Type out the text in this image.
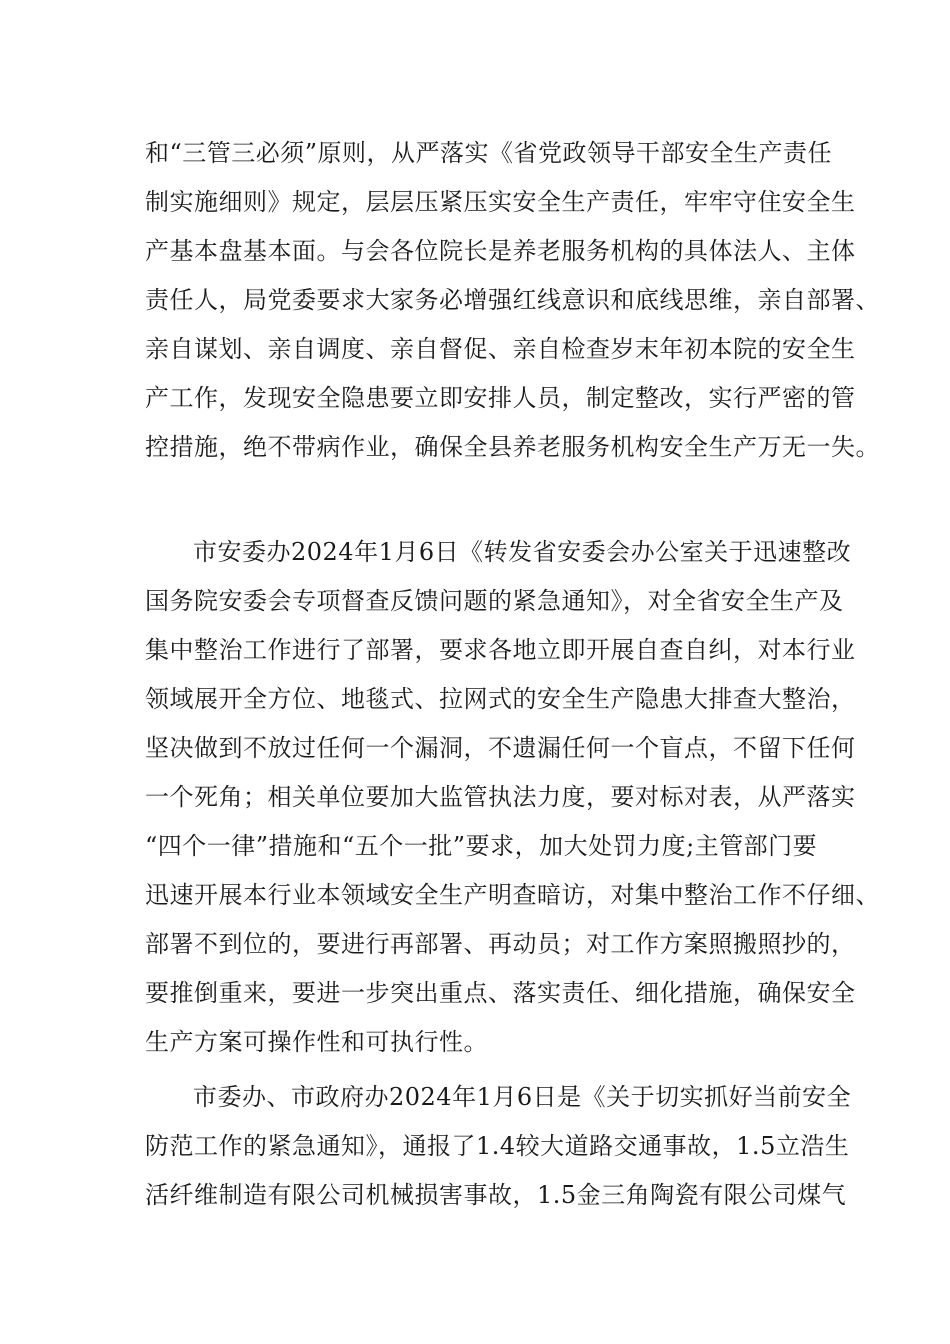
和“三管三必须”原则，从严落实《省党政领导干部安全生产责任
制实施细则》规定，层层压紧压实安全生产责任，牢牢守住安全生
产基本盘基本面。与会各位院长是养老服务机构的具体法人、主体
责任人，局党委要求大家务必增强红线意识和底线思维，亲自部署、
亲自谋划、亲自调度、亲自督促、亲自检查岁末年初本院的安全生
产工作，发现安全隐患要立即安排人员，制定整改，实行严密的管
控措施，绝不带病作业，确保全县养老服务机构安全生产万无一失。
市安委办2024年1月6日《转发省安委会办公室关于迅速整改
国务院安委会专项督查反馈问题的紧急通知》，对全省安全生产及
集中整治工作进行了部署，要求各地立即开展自查自纠，对本行业
领域展开全方位、地毯式、拉网式的安全生产隐患大排查大整治，
坚决做到不放过任何一个漏洞，不遗漏任何一个盲点，不留下任何
一个死角；相关单位要加大监管执法力度，要对标对表，从严落实
“四个一律”措施和“五个一批”要求，加大处罚力度;主管部门要
迅速开展本行业本领域安全生产明查暗访，对集中整治工作不仔细、
部署不到位的，要进行再部署、再动员；对工作方案照搬照抄的，
要推倒重来，要进一步突出重点、落实责任、细化措施，确保安全
生产方案可操作性和可执行性。
市委办、市政府办2024年1月6日是《关于切实抓好当前安全
防范工作的紧急通知》，通报了1.4较大道路交通事故，1.5立浩生
活纤维制造有限公司机械损害事故，1.5金三角陶瓷有限公司煤气
